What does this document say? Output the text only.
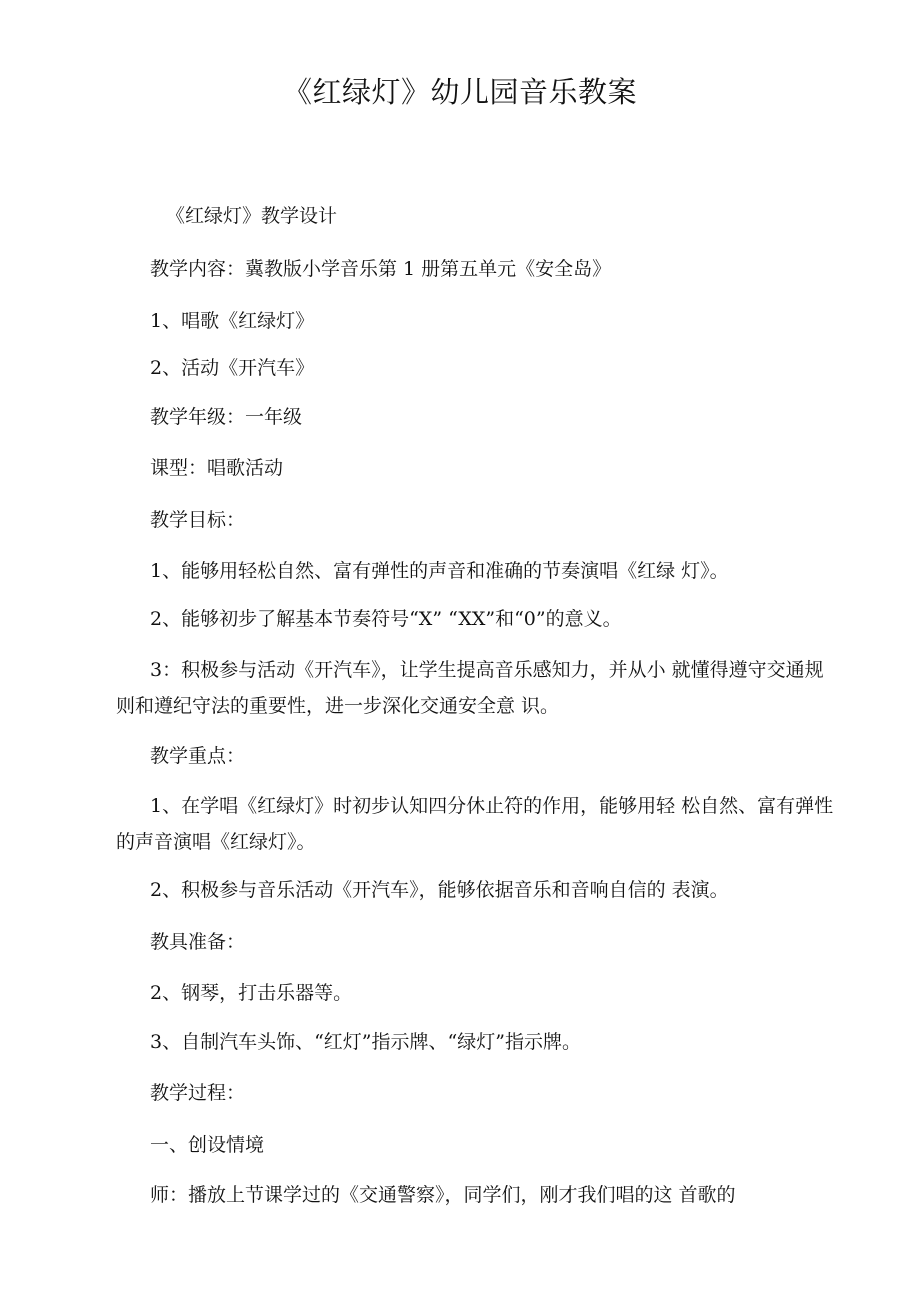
《红绿灯》幼儿园音乐教案
《红绿灯》教学设计
教学内容：冀教版小学音乐第 1 册第五单元《安全岛》
1、唱歌《红绿灯》
2、活动《开汽车》
教学年级：一年级
课型：唱歌活动
教学目标：
1、能够用轻松自然、富有弹性的声音和准确的节奏演唱《红绿 灯》。
2、能够初步了解基本节奏符号“X” “XX”和“0”的意义。
3：积极参与活动《开汽车》，让学生提高音乐感知力，并从小 就懂得遵守交通规则和遵纪守法的重要性，进一步深化交通安全意 识。
教学重点：
1、在学唱《红绿灯》时初步认知四分休止符的作用，能够用轻 松自然、富有弹性的声音演唱《红绿灯》。
2、积极参与音乐活动《开汽车》，能够依据音乐和音响自信的 表演。
教具准备：
2、钢琴，打击乐器等。
3、自制汽车头饰、“红灯”指示牌、“绿灯”指示牌。
教学过程：
一、创设情境
师：播放上节课学过的《交通警察》，同学们，刚才我们唱的这 首歌的
